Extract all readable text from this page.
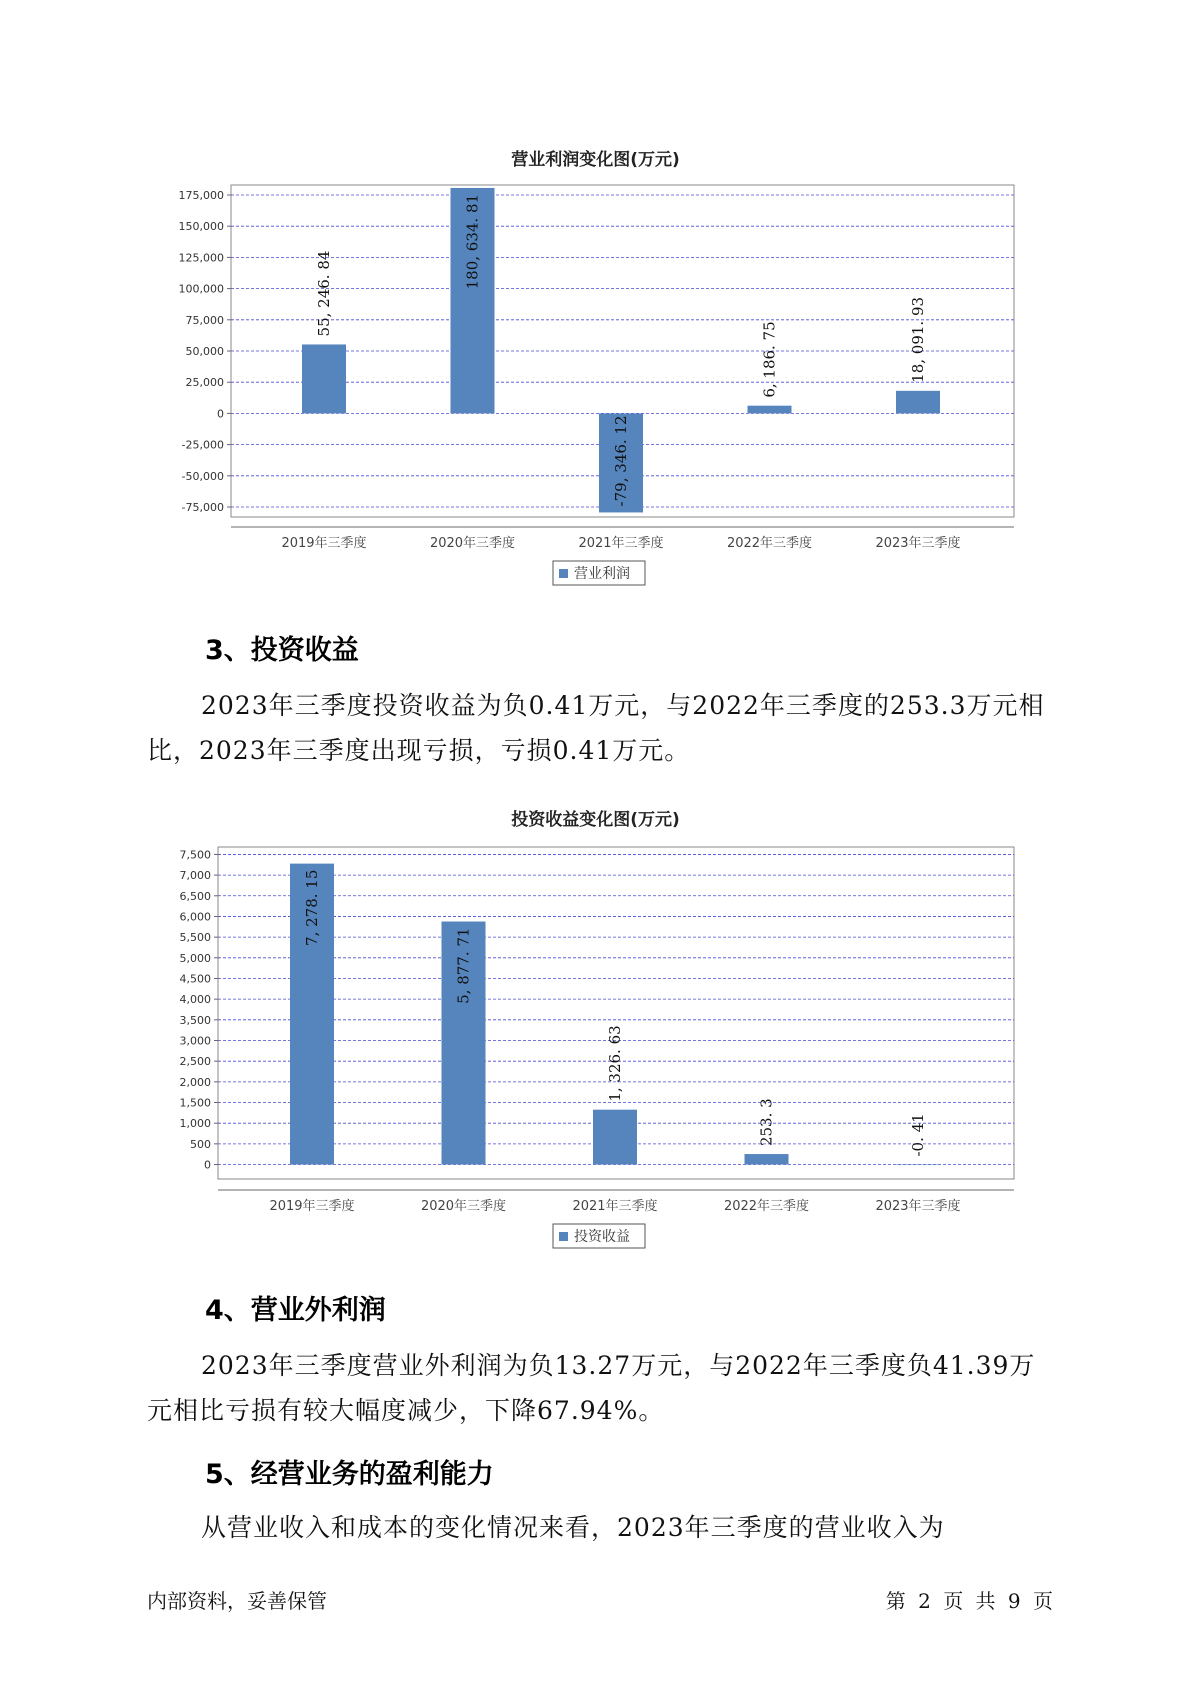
营业利润变化图(万元)
175,000
150,000
125,000
100,000
75,000
50,000
25,000
0
-25,000
-50,000
-75,000
55, 246. 84
2019年三季度
180, 634. 81
2020年三季度
-79, 346. 12
2021年三季度
6, 186. 75
2022年三季度
18, 091. 93
2023年三季度
营业利润
3、投资收益
2023年三季度投资收益为负0.41万元，与2022年三季度的253.3万元相
比，2023年三季度出现亏损，亏损0.41万元。
投资收益变化图(万元)
7,500
7,000
6,500
6,000
5,500
5,000
4,500
4,000
3,500
3,000
2,500
2,000
1,500
1,000
500
0
7, 278. 15
2019年三季度
5, 877. 71
2020年三季度
1, 326. 63
2021年三季度
253. 3
2022年三季度
-0. 41
2023年三季度
投资收益
4、营业外利润
2023年三季度营业外利润为负13.27万元，与2022年三季度负41.39万
元相比亏损有较大幅度减少，下降67.94%。
5、经营业务的盈利能力
从营业收入和成本的变化情况来看，2023年三季度的营业收入为
内部资料，妥善保管	第 2 页 共 9 页
